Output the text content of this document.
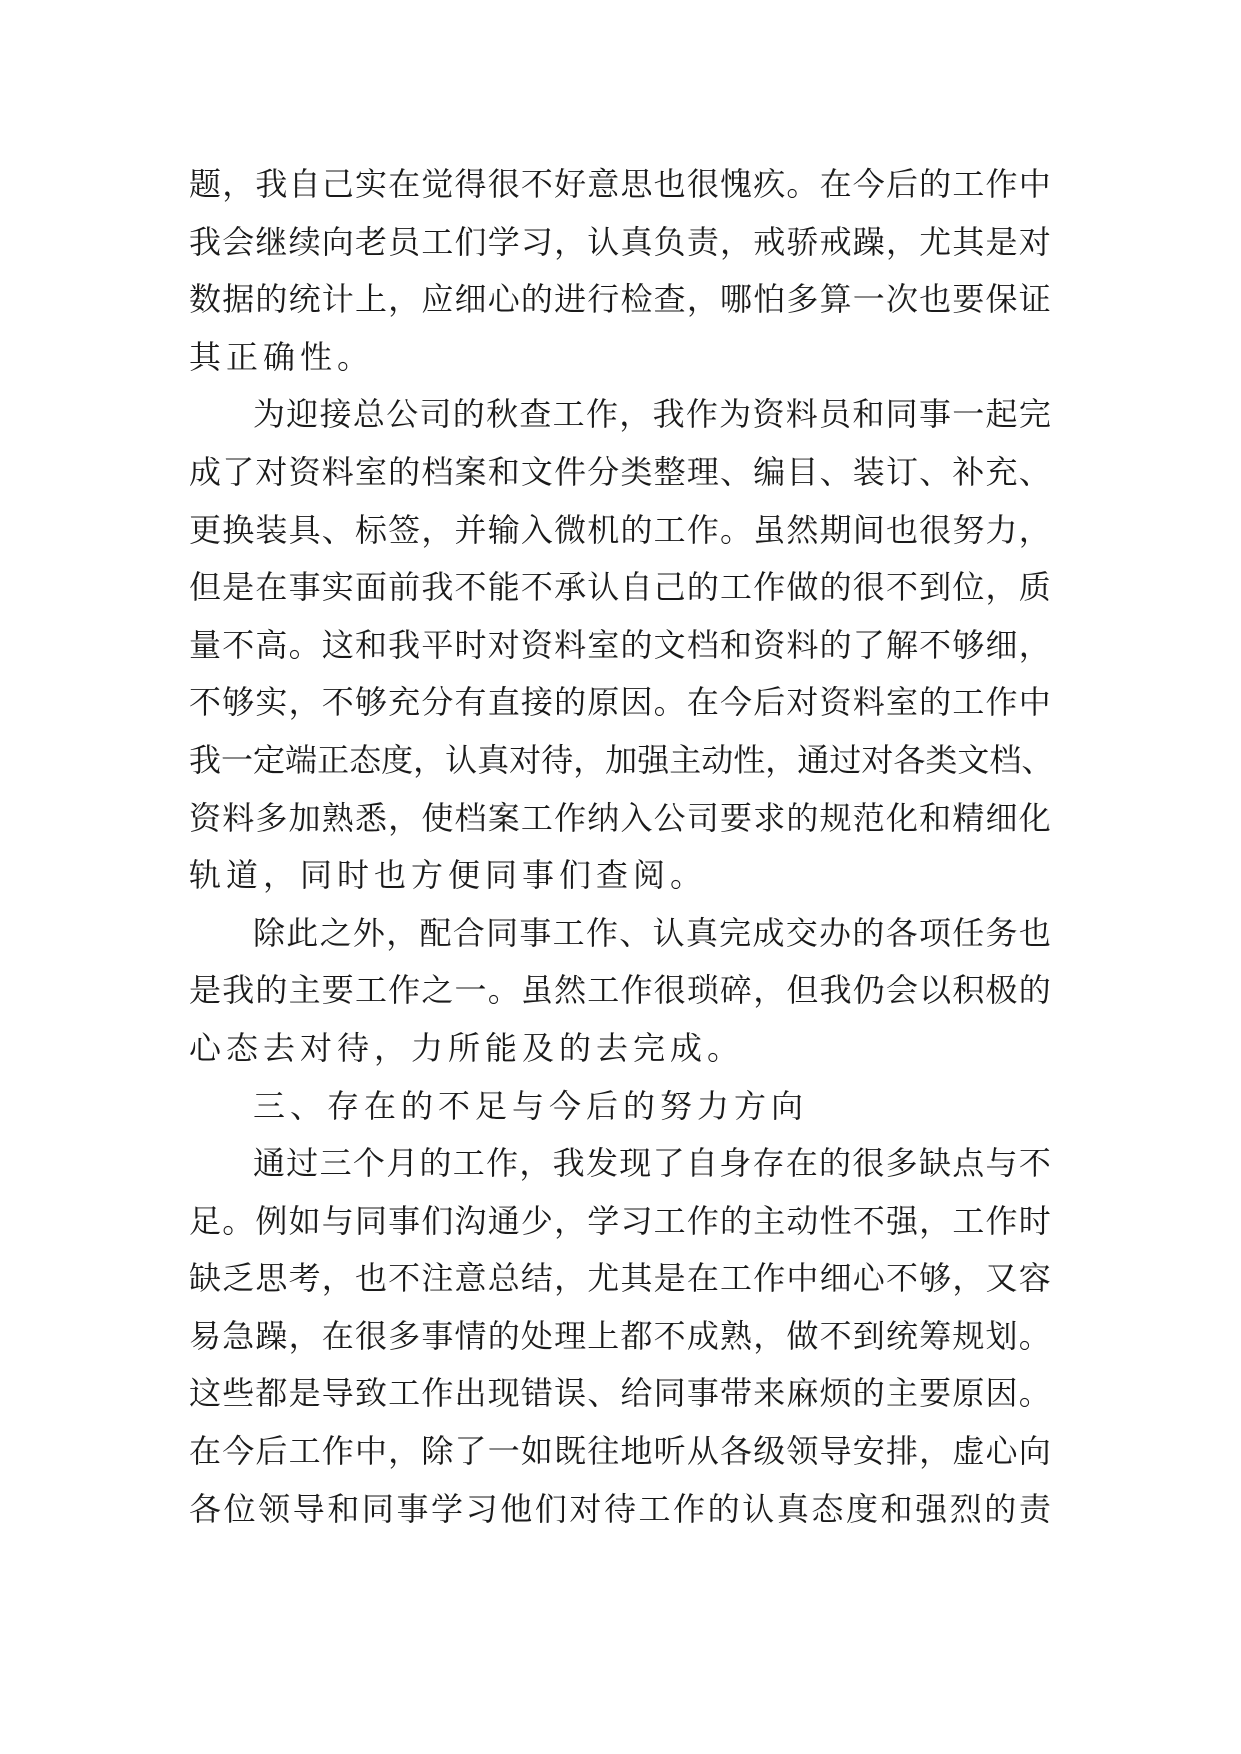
题 ， 我 自 己 实 在 觉 得 很 不 好 意 思 也 很 愧 疚 。 在 今 后 的 工 作 中
我 会 继 续 向 老 员 工 们 学 习 ， 认 真 负 责 ， 戒 骄 戒 躁 ， 尤 其 是 对
数 据 的 统 计 上 ， 应 细 心 的 进 行 检 查 ， 哪 怕 多 算 一 次 也 要 保 证
其正确性。
为 迎 接 总 公 司 的 秋 查 工 作 ， 我 作 为 资 料 员 和 同 事 一 起 完
成 了 对 资 料 室 的 档 案 和 文 件 分 类 整 理 、 编 目 、 装 订 、 补 充 、
更 换 装 具 、 标 签 ， 并 输 入 微 机 的 工 作 。 虽 然 期 间 也 很 努 力 ，
但 是 在 事 实 面 前 我 不 能 不 承 认 自 己 的 工 作 做 的 很 不 到 位 ， 质
量 不 高 。 这 和 我 平 时 对 资 料 室 的 文 档 和 资 料 的 了 解 不 够 细 ，
不 够 实 ， 不 够 充 分 有 直 接 的 原 因 。 在 今 后 对 资 料 室 的 工 作 中
我 一 定 端 正 态 度 ， 认 真 对 待 ， 加 强 主 动 性 ， 通 过 对 各 类 文 档 、
资 料 多 加 熟 悉 ， 使 档 案 工 作 纳 入 公 司 要 求 的 规 范 化 和 精 细 化
轨道，同时也方便同事们查阅。
除 此 之 外 ， 配 合 同 事 工 作 、 认 真 完 成 交 办 的 各 项 任 务 也
是 我 的 主 要 工 作 之 一 。 虽 然 工 作 很 琐 碎 ， 但 我 仍 会 以 积 极 的
心态去对待，力所能及的去完成。
三、存在的不足与今后的努力方向
通 过 三 个 月 的 工 作 ， 我 发 现 了 自 身 存 在 的 很 多 缺 点 与 不
足 。 例 如 与 同 事 们 沟 通 少 ， 学 习 工 作 的 主 动 性 不 强 ， 工 作 时
缺 乏 思 考 ， 也 不 注 意 总 结 ， 尤 其 是 在 工 作 中 细 心 不 够 ， 又 容
易 急 躁 ， 在 很 多 事 情 的 处 理 上 都 不 成 熟 ， 做 不 到 统 筹 规 划 。
这 些 都 是 导 致 工 作 出 现 错 误 、 给 同 事 带 来 麻 烦 的 主 要 原 因 。
在 今 后 工 作 中 ， 除 了 一 如 既 往 地 听 从 各 级 领 导 安 排 ， 虚 心 向
各 位 领 导 和 同 事 学 习 他 们 对 待 工 作 的 认 真 态 度 和 强 烈 的 责
